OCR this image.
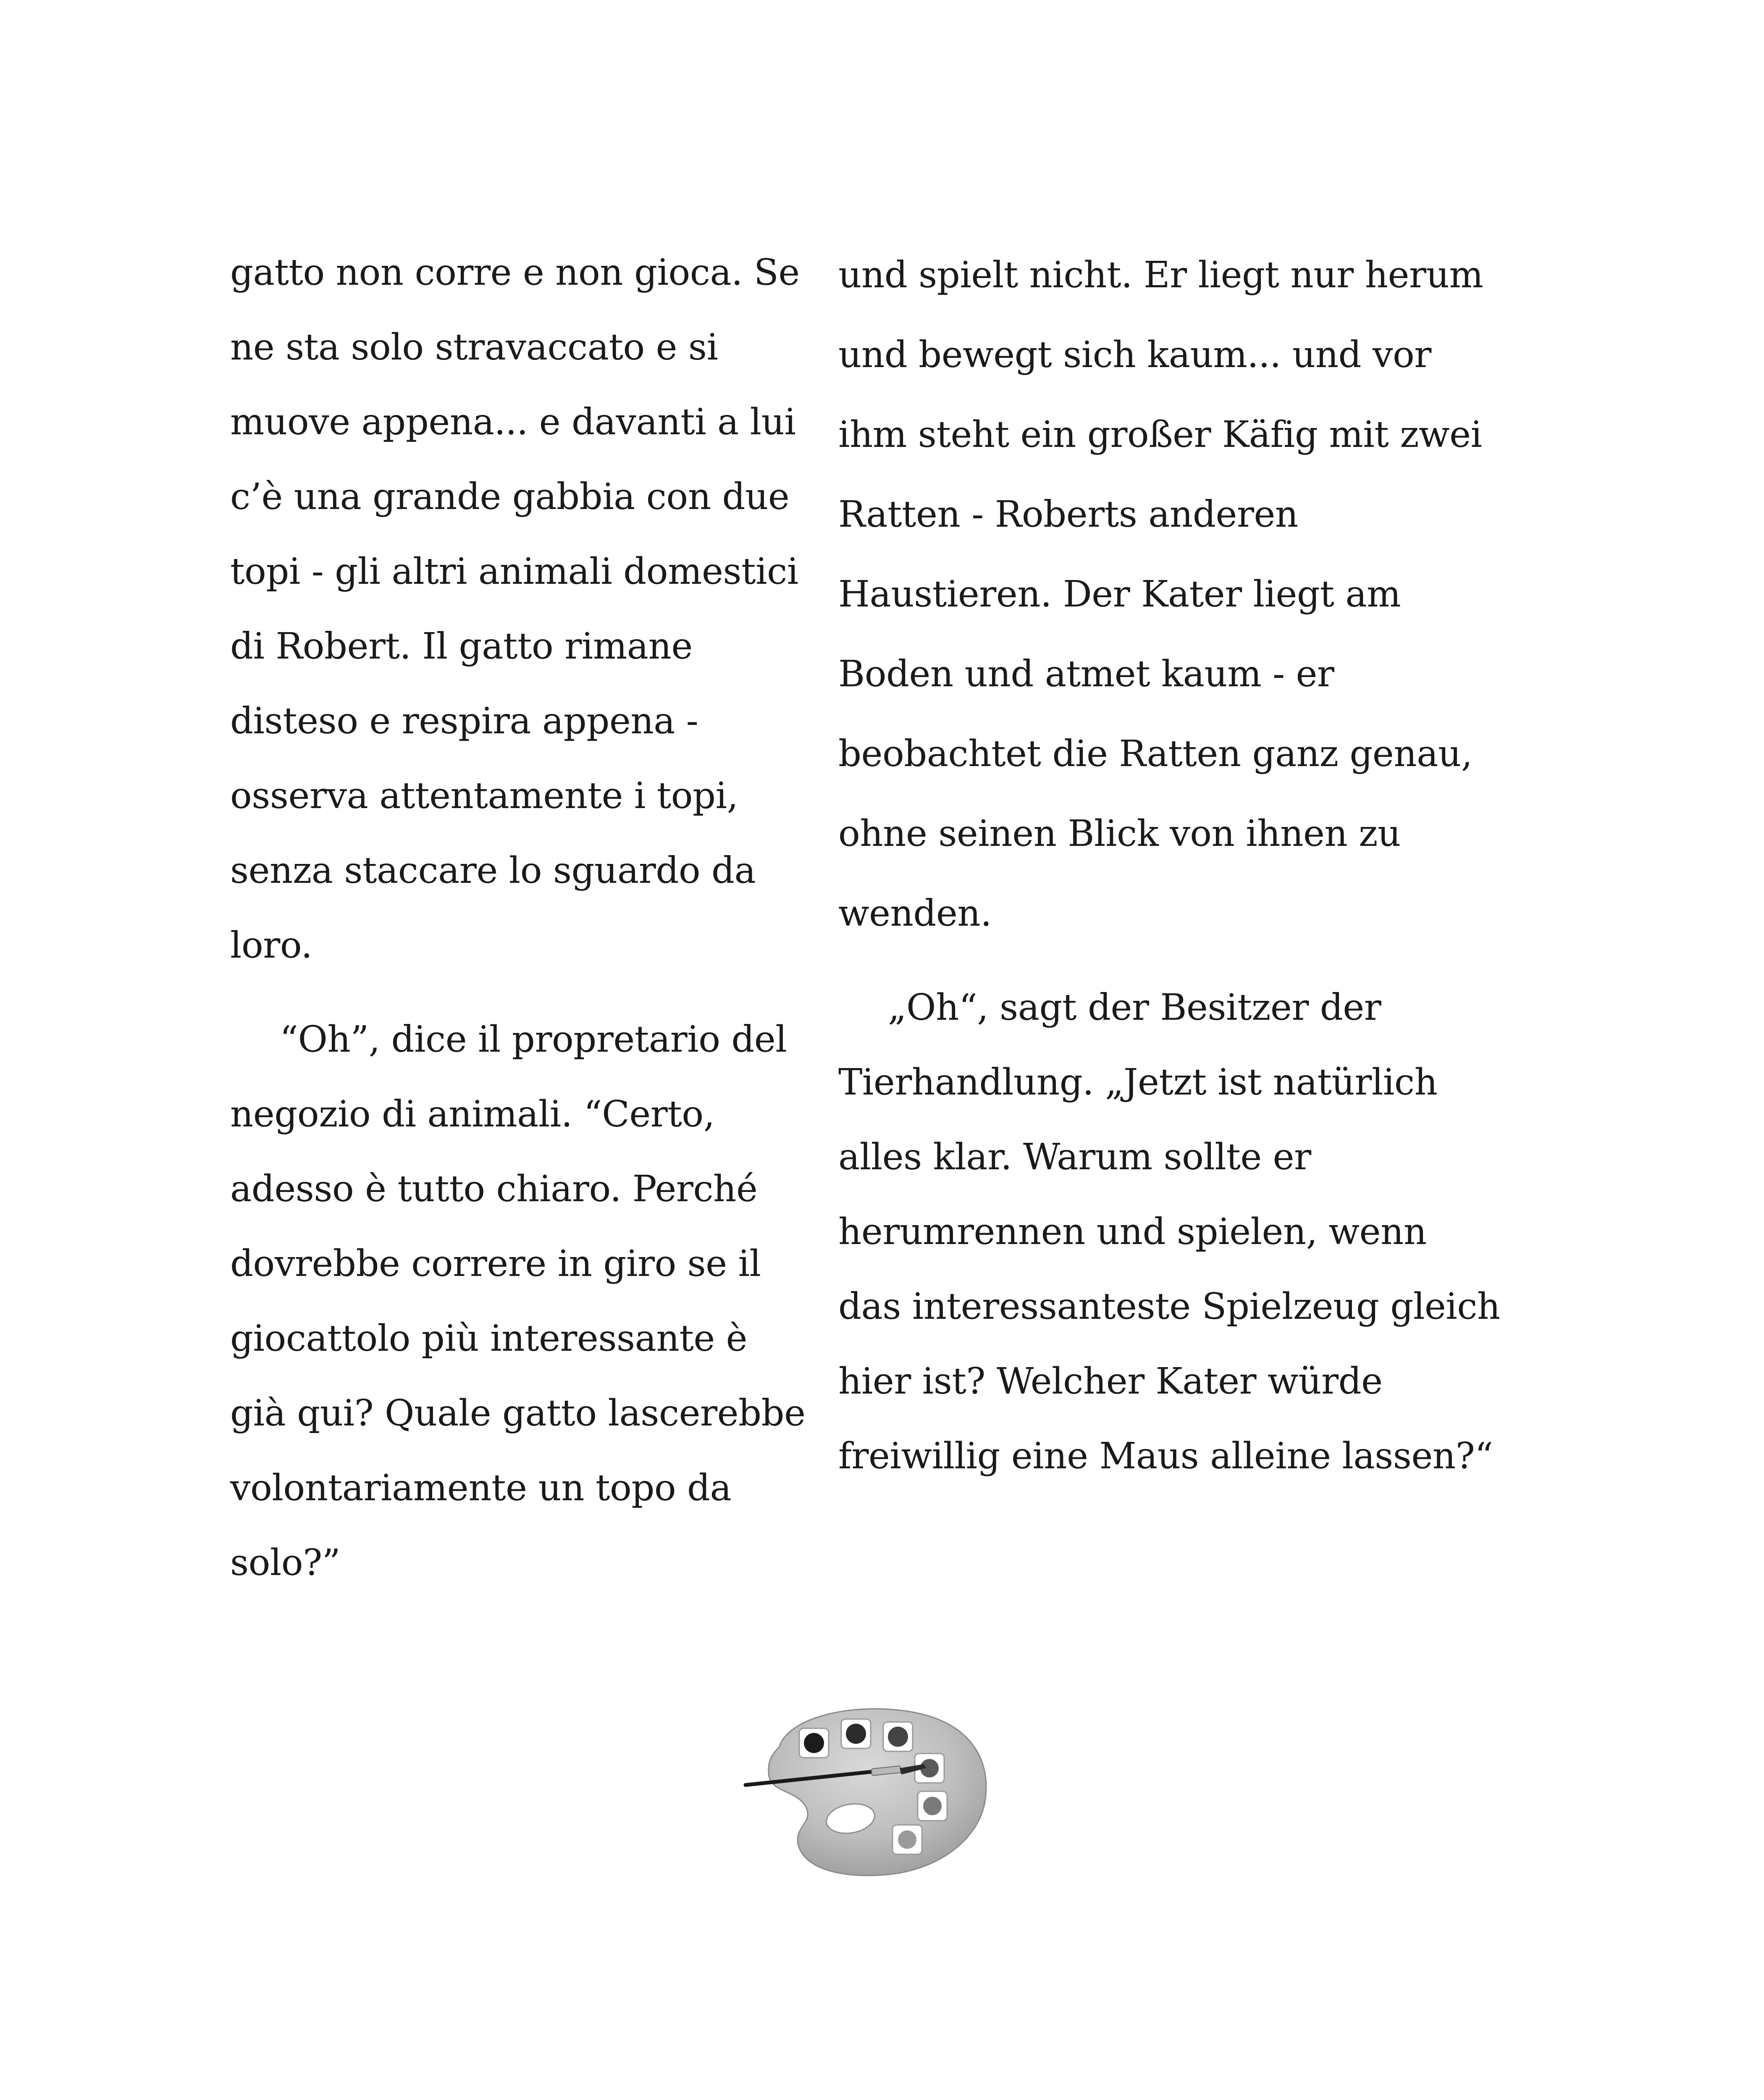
gatto non corre e non gioca. Se
ne sta solo stravaccato e si
muove appena... e davanti a lui
c’è una grande gabbia con due
topi - gli altri animali domestici
di Robert. Il gatto rimane
disteso e respira appena -
osserva attentamente i topi,
senza staccare lo sguardo da
loro.

“Oh”, dice il propretario del
negozio di animali. “Certo,
adesso è tutto chiaro. Perché
dovrebbe correre in giro se il
giocattolo più interessante è
già qui? Quale gatto lascerebbe
volontariamente un topo da
solo?”

und spielt nicht. Er liegt nur herum
und bewegt sich kaum... und vor
ihm steht ein großer Käfig mit zwei
Ratten - Roberts anderen
Haustieren. Der Kater liegt am
Boden und atmet kaum - er
beobachtet die Ratten ganz genau,
ohne seinen Blick von ihnen zu
wenden.

„Oh“, sagt der Besitzer der
Tierhandlung. „Jetzt ist natürlich
alles klar. Warum sollte er
herumrennen und spielen, wenn
das interessanteste Spielzeug gleich
hier ist? Welcher Kater würde
freiwillig eine Maus alleine lassen?“
